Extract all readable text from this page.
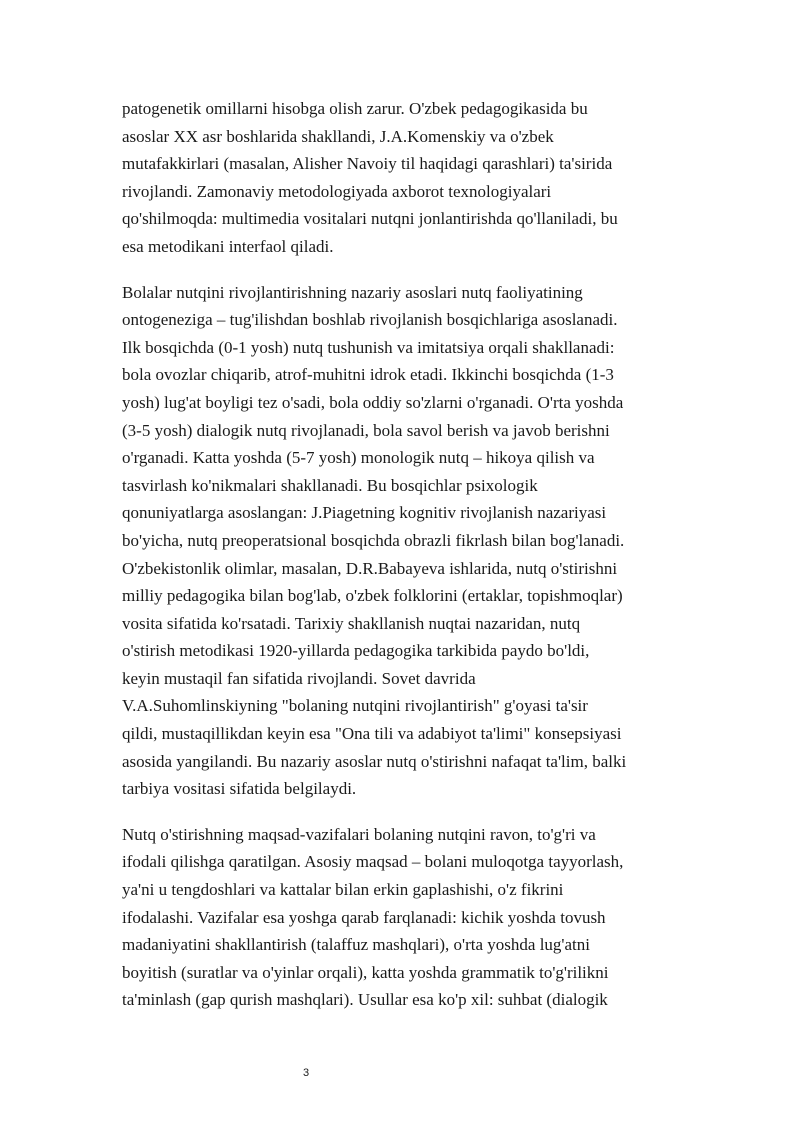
patogenetik omillarni hisobga olish zarur. O'zbek pedagogikasida bu
asoslar XX asr boshlarida shakllandi, J.A.Komenskiy va o'zbek
mutafakkirlari (masalan, Alisher Navoiy til haqidagi qarashlari) ta'sirida
rivojlandi. Zamonaviy metodologiyada axborot texnologiyalari
qo'shilmoqda: multimedia vositalari nutqni jonlantirishda qo'llaniladi, bu
esa metodikani interfaol qiladi.

Bolalar nutqini rivojlantirishning nazariy asoslari nutq faoliyatining
ontogeneziga – tug'ilishdan boshlab rivojlanish bosqichlariga asoslanadi.
Ilk bosqichda (0-1 yosh) nutq tushunish va imitatsiya orqali shakllanadi:
bola ovozlar chiqarib, atrof-muhitni idrok etadi. Ikkinchi bosqichda (1-3
yosh) lug'at boyligi tez o'sadi, bola oddiy so'zlarni o'rganadi. O'rta yoshda
(3-5 yosh) dialogik nutq rivojlanadi, bola savol berish va javob berishni
o'rganadi. Katta yoshda (5-7 yosh) monologik nutq – hikoya qilish va
tasvirlash ko'nikmalari shakllanadi. Bu bosqichlar psixologik
qonuniyatlarga asoslangan: J.Piagetning kognitiv rivojlanish nazariyasi
bo'yicha, nutq preoperatsional bosqichda obrazli fikrlash bilan bog'lanadi.
O'zbekistonlik olimlar, masalan, D.R.Babayeva ishlarida, nutq o'stirishni
milliy pedagogika bilan bog'lab, o'zbek folklorini (ertaklar, topishmoqlar)
vosita sifatida ko'rsatadi. Tarixiy shakllanish nuqtai nazaridan, nutq
o'stirish metodikasi 1920-yillarda pedagogika tarkibida paydo bo'ldi,
keyin mustaqil fan sifatida rivojlandi. Sovet davrida
V.A.Suhomlinskiyning "bolaning nutqini rivojlantirish" g'oyasi ta'sir
qildi, mustaqillikdan keyin esa "Ona tili va adabiyot ta'limi" konsepsiyasi
asosida yangilandi. Bu nazariy asoslar nutq o'stirishni nafaqat ta'lim, balki
tarbiya vositasi sifatida belgilaydi.

Nutq o'stirishning maqsad-vazifalari bolaning nutqini ravon, to'g'ri va
ifodali qilishga qaratilgan. Asosiy maqsad – bolani muloqotga tayyorlash,
ya'ni u tengdoshlari va kattalar bilan erkin gaplashishi, o'z fikrini
ifodalashi. Vazifalar esa yoshga qarab farqlanadi: kichik yoshda tovush
madaniyatini shakllantirish (talaffuz mashqlari), o'rta yoshda lug'atni
boyitish (suratlar va o'yinlar orqali), katta yoshda grammatik to'g'rilikni
ta'minlash (gap qurish mashqlari). Usullar esa ko'p xil: suhbat (dialogik

3
